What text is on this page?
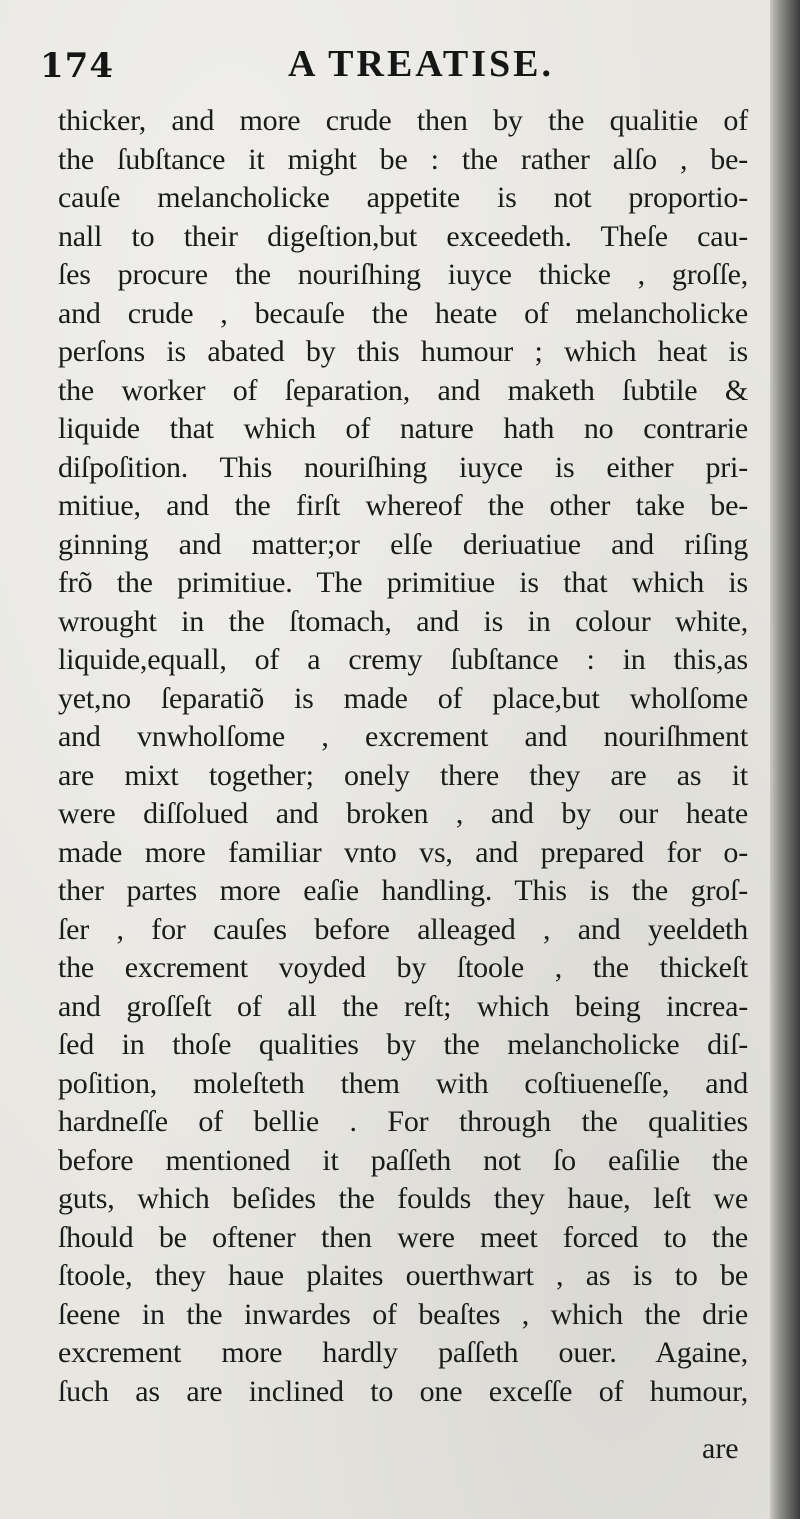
174	A TREATISE.
thicker, and more crude then by the qualitie of
the ſubſtance it might be : the rather alſo , be-
cauſe melancholicke appetite is not proportio-
nall to their digeſtion,but exceedeth. Theſe cau-
ſes procure the nouriſhing iuyce thicke , groſſe,
and crude , becauſe the heate of melancholicke
perſons is abated by this humour ; which heat is
the worker of ſeparation, and maketh ſubtile &
liquide that which of nature hath no contrarie
diſpoſition. This nouriſhing iuyce is either pri-
mitiue, and the firſt whereof the other take be-
ginning and matter;or elſe deriuatiue and riſing
frõ the primitiue. The primitiue is that which is
wrought in the ſtomach, and is in colour white,
liquide,equall, of a cremy ſubſtance : in this,as
yet,no ſeparatiõ is made of place,but wholſome
and vnwholſome , excrement and nouriſhment
are mixt together; onely there they are as it
were diſſolued and broken , and by our heate
made more familiar vnto vs, and prepared for o-
ther partes more eaſie handling. This is the groſ-
ſer , for cauſes before alleaged , and yeeldeth
the excrement voyded by ſtoole , the thickeſt
and groſſeſt of all the reſt; which being increa-
ſed in thoſe qualities by the melancholicke diſ-
poſition, moleſteth them with coſtiueneſſe, and
hardneſſe of bellie . For through the qualities
before mentioned it paſſeth not ſo eaſilie the
guts, which beſides the foulds they haue, leſt we
ſhould be oftener then were meet forced to the
ſtoole, they haue plaites ouerthwart , as is to be
ſeene in the inwardes of beaſtes , which the drie
excrement more hardly paſſeth ouer. Againe,
ſuch as are inclined to one exceſſe of humour,
are
